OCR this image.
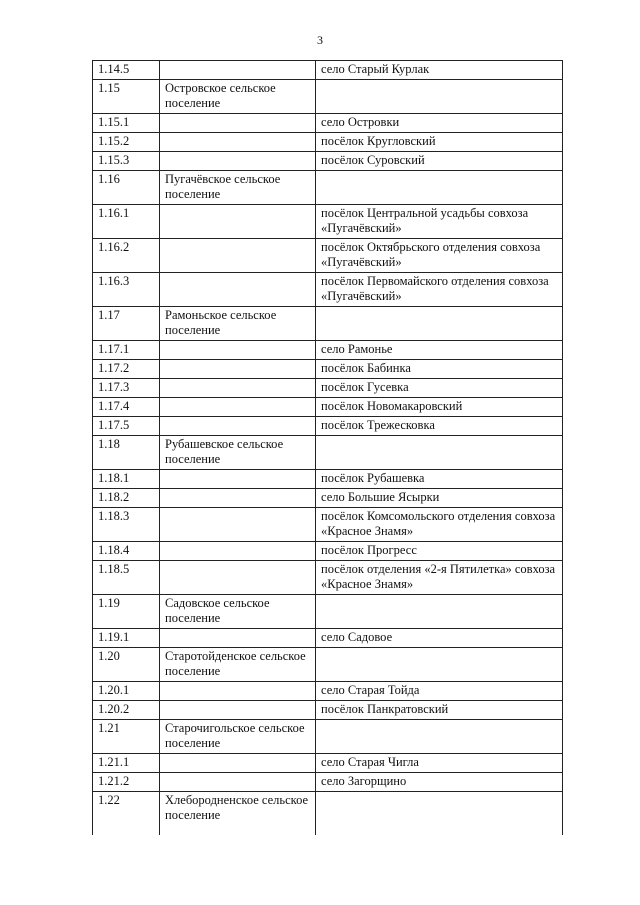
3
1.14.5		село Старый Курлак
1.15	Островское сельское поселение	
1.15.1		село Островки
1.15.2		посёлок Кругловский
1.15.3		посёлок Суровский
1.16	Пугачёвское сельское поселение	
1.16.1		посёлок Центральной усадьбы совхоза «Пугачёвский»
1.16.2		посёлок Октябрьского отделения совхоза «Пугачёвский»
1.16.3		посёлок Первомайского отделения совхоза «Пугачёвский»
1.17	Рамоньское сельское поселение	
1.17.1		село Рамонье
1.17.2		посёлок Бабинка
1.17.3		посёлок Гусевка
1.17.4		посёлок Новомакаровский
1.17.5		посёлок Трежесковка
1.18	Рубашевское сельское поселение	
1.18.1		посёлок Рубашевка
1.18.2		село Большие Ясырки
1.18.3		посёлок Комсомольского отделения совхоза «Красное Знамя»
1.18.4		посёлок Прогресс
1.18.5		посёлок отделения «2-я Пятилетка» совхоза «Красное Знамя»
1.19	Садовское сельское поселение	
1.19.1		село Садовое
1.20	Старотойденское сельское поселение	
1.20.1		село Старая Тойда
1.20.2		посёлок Панкратовский
1.21	Старочигольское сельское поселение	
1.21.1		село Старая Чигла
1.21.2		село Загорщино
1.22	Хлебородненское сельское поселение	
